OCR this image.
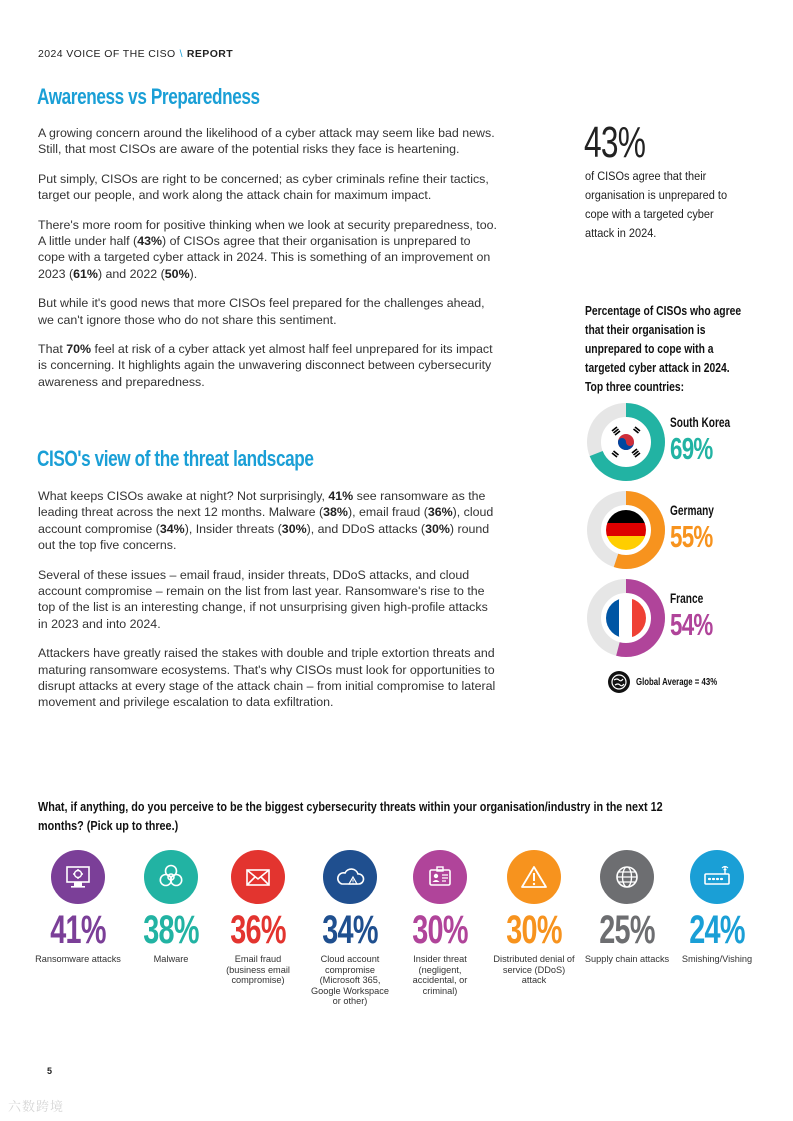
2024 VOICE OF THE CISO \ REPORT
Awareness vs Preparedness

A growing concern around the likelihood of a cyber attack may seem like bad news. Still, that most CISOs are aware of the potential risks they face is heartening.

Put simply, CISOs are right to be concerned; as cyber criminals refine their tactics, target our people, and work along the attack chain for maximum impact.

There's more room for positive thinking when we look at security preparedness, too. A little under half (43%) of CISOs agree that their organisation is unprepared to cope with a targeted cyber attack in 2024. This is something of an improvement on 2023 (61%) and 2022 (50%).

But while it's good news that more CISOs feel prepared for the challenges ahead, we can't ignore those who do not share this sentiment.

That 70% feel at risk of a cyber attack yet almost half feel unprepared for its impact is concerning. It highlights again the unwavering disconnect between cybersecurity awareness and preparedness.

CISO's view of the threat landscape

What keeps CISOs awake at night? Not surprisingly, 41% see ransomware as the leading threat across the next 12 months. Malware (38%), email fraud (36%), cloud account compromise (34%), Insider threats (30%), and DDoS attacks (30%) round out the top five concerns.

Several of these issues – email fraud, insider threats, DDoS attacks, and cloud account compromise – remain on the list from last year. Ransomware's rise to the top of the list is an interesting change, if not unsurprising given high-profile attacks in 2023 and into 2024.

Attackers have greatly raised the stakes with double and triple extortion threats and maturing ransomware ecosystems. That's why CISOs must look for opportunities to disrupt attacks at every stage of the attack chain – from initial compromise to lateral movement and privilege escalation to data exfiltration.

43%
of CISOs agree that their organisation is unprepared to cope with a targeted cyber attack in 2024.
Percentage of CISOs who agree that their organisation is unprepared to cope with a targeted cyber attack in 2024. Top three countries:
South Korea
69%
Germany
55%
France
54%
Global Average = 43%
What, if anything, do you perceive to be the biggest cybersecurity threats within your organisation/industry in the next 12 months? (Pick up to three.)
41%
Ransomware attacks
38%
Malware
36%
Email fraud (business email compromise)
34%
Cloud account compromise (Microsoft 365, Google Workspace or other)
30%
Insider threat (negligent, accidental, or criminal)
30%
Distributed denial of service (DDoS) attack
25%
Supply chain attacks
24%
Smishing/Vishing
5
六数跨境
